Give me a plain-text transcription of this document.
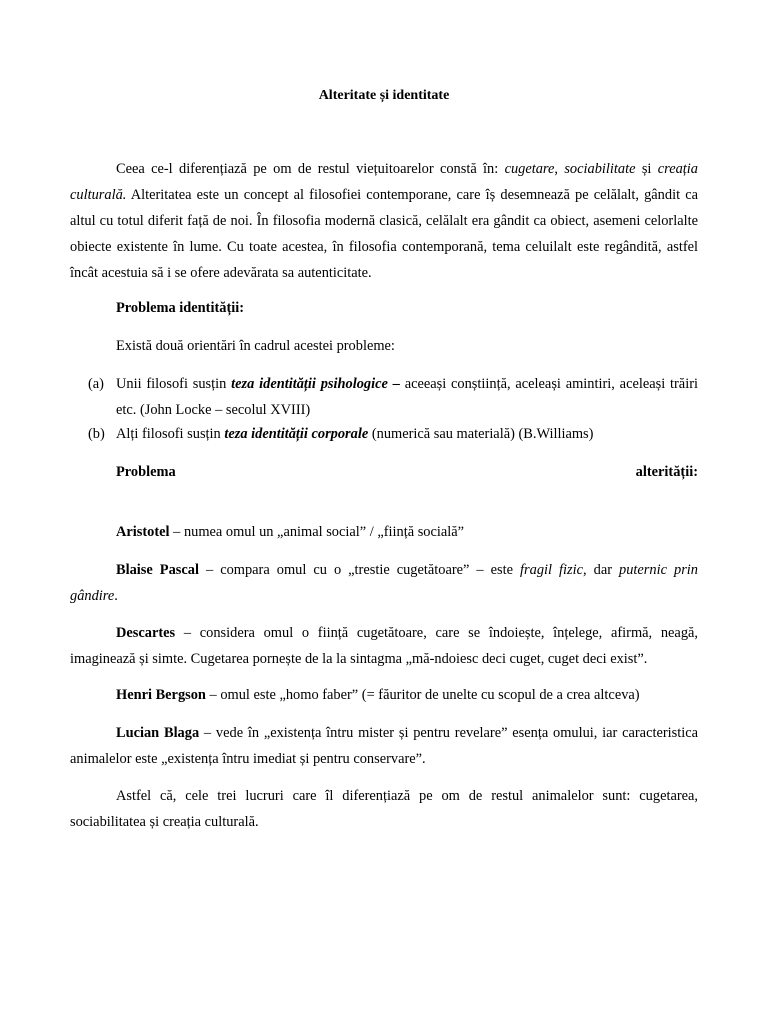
Alteritate și identitate

Ceea ce-l diferențiază pe om de restul viețuitoarelor constă în: cugetare, sociabilitate și creația culturală. Alteritatea este un concept al filosofiei contemporane, care îș desemnează pe celălalt, gândit ca altul cu totul diferit față de noi. În filosofia modernă clasică, celălalt era gândit ca obiect, asemeni celorlalte obiecte existente în lume. Cu toate acestea, în filosofia contemporană, tema celuilalt este regândită, astfel încât acestuia să i se ofere adevărata sa autenticitate.

Problema identității:

Există două orientări în cadrul acestei probleme:

(a) Unii filosofi susțin teza identității psihologice – aceeași conștiință, aceleași amintiri, aceleași trăiri etc. (John Locke – secolul XVIII)
(b) Alți filosofi susțin teza identității corporale (numerică sau materială) (B.Williams)
Problema	alterității:

Aristotel – numea omul un „animal social” / „ființă socială”

Blaise Pascal – compara omul cu o „trestie cugetătoare” – este fragil fizic, dar puternic prin gândire.

Descartes – considera omul o ființă cugetătoare, care se îndoiește, înțelege, afirmă, neagă, imaginează și simte. Cugetarea pornește de la la sintagma „mă-ndoiesc deci cuget, cuget deci exist”.

Henri Bergson – omul este „homo faber” (= făuritor de unelte cu scopul de a crea altceva)

Lucian Blaga – vede în „existența întru mister și pentru revelare” esența omului, iar caracteristica animalelor este „existența întru imediat și pentru conservare”.

Astfel că, cele trei lucruri care îl diferențiază pe om de restul animalelor sunt: cugetarea, sociabilitatea și creația culturală.
